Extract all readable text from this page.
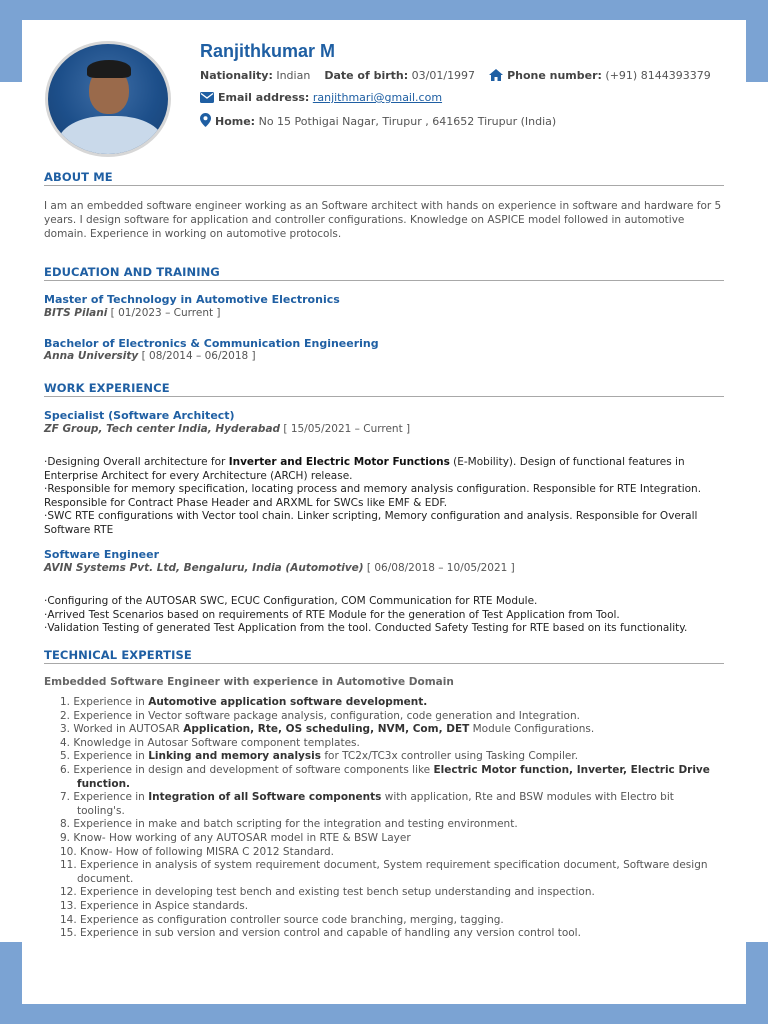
Ranjithkumar M
Nationality: Indian Date of birth: 03/01/1997	Phone number: (+91) 8144393379
Email address: ranjithmari@gmail.com
Home: No 15 Pothigai Nagar, Tirupur , 641652 Tirupur (India)
ABOUT ME
I am an embedded software engineer working as an Software architect with hands on experience in software and hardware for 5 years. I design software for application and controller configurations. Knowledge on ASPICE model followed in automotive domain. Experience in working on automotive protocols.
EDUCATION AND TRAINING
Master of Technology in Automotive Electronics
BITS Pilani [ 01/2023 – Current ]
Bachelor of Electronics & Communication Engineering
Anna University [ 08/2014 – 06/2018 ]
WORK EXPERIENCE
Specialist (Software Architect)
ZF Group, Tech center India, Hyderabad [ 15/05/2021 – Current ]
·Designing Overall architecture for Inverter and Electric Motor Functions (E-Mobility). Design of functional features in Enterprise Architect for every Architecture (ARCH) release.
·Responsible for memory specification, locating process and memory analysis configuration. Responsible for RTE Integration. Responsible for Contract Phase Header and ARXML for SWCs like EMF & EDF.
·SWC RTE configurations with Vector tool chain. Linker scripting, Memory configuration and analysis. Responsible for Overall Software RTE
Software Engineer
AVIN Systems Pvt. Ltd, Bengaluru, India (Automotive) [ 06/08/2018 – 10/05/2021 ]
·Configuring of the AUTOSAR SWC, ECUC Configuration, COM Communication for RTE Module.
·Arrived Test Scenarios based on requirements of RTE Module for the generation of Test Application from Tool.
·Validation Testing of generated Test Application from the tool. Conducted Safety Testing for RTE based on its functionality.
TECHNICAL EXPERTISE
Embedded Software Engineer with experience in Automotive Domain
1. Experience in Automotive application software development.
2. Experience in Vector software package analysis, configuration, code generation and Integration.
3. Worked in AUTOSAR Application, Rte, OS scheduling, NVM, Com, DET Module Configurations.
4. Knowledge in Autosar Software component templates.
5. Experience in Linking and memory analysis for TC2x/TC3x controller using Tasking Compiler.
6. Experience in design and development of software components like Electric Motor function, Inverter, Electric Drive function.
7. Experience in Integration of all Software components with application, Rte and BSW modules with Electro bit tooling's.
8. Experience in make and batch scripting for the integration and testing environment.
9. Know- How working of any AUTOSAR model in RTE & BSW Layer
10. Know- How of following MISRA C 2012 Standard.
11. Experience in analysis of system requirement document, System requirement specification document, Software design document.
12. Experience in developing test bench and existing test bench setup understanding and inspection.
13. Experience in Aspice standards.
14. Experience as configuration controller source code branching, merging, tagging.
15. Experience in sub version and version control and capable of handling any version control tool.
